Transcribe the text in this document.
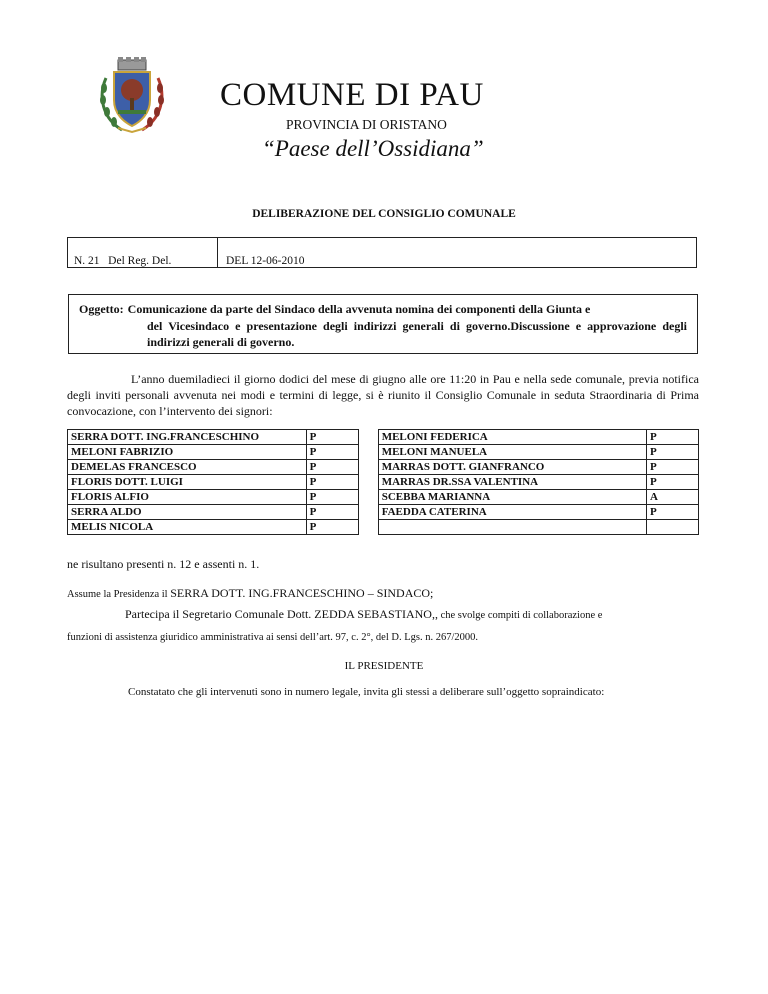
COMUNE DI PAU
PROVINCIA DI ORISTANO
“Paese dell’Ossidiana”
DELIBERAZIONE DEL CONSIGLIO COMUNALE
N. 21   Del Reg. Del.	DEL 12-06-2010
Oggetto: Comunicazione da parte del Sindaco della avvenuta nomina dei componenti della Giunta e
del Vicesindaco e presentazione degli indirizzi generali di governo.Discussione e approvazione degli indirizzi generali di governo.

L’anno duemiladieci il giorno dodici del mese di giugno alle ore 11:20 in Pau e nella sede comunale, previa notifica degli inviti personali avvenuta nei modi e termini di legge, si è riunito il Consiglio Comunale in seduta Straordinaria di Prima convocazione, con l’intervento dei signori:

SERRA DOTT. ING.FRANCESCHINO	P		MELONI FEDERICA	P
MELONI FABRIZIO	P		MELONI MANUELA	P
DEMELAS FRANCESCO	P		MARRAS DOTT. GIANFRANCO	P
FLORIS DOTT. LUIGI	P		MARRAS DR.SSA VALENTINA	P
FLORIS ALFIO	P		SCEBBA MARIANNA	A
SERRA ALDO	P		FAEDDA CATERINA	P
MELIS NICOLA	P			
ne risultano presenti n. 12 e assenti n. 1.
Assume la Presidenza il SERRA DOTT. ING.FRANCESCHINO – SINDACO;
Partecipa il Segretario Comunale Dott. ZEDDA SEBASTIANO,, che svolge compiti di collaborazione e
funzioni di assistenza giuridico amministrativa ai sensi dell’art. 97, c. 2°, del D. Lgs. n. 267/2000.
IL PRESIDENTE
Constatato che gli intervenuti sono in numero legale, invita gli stessi a deliberare sull’oggetto sopraindicato:
